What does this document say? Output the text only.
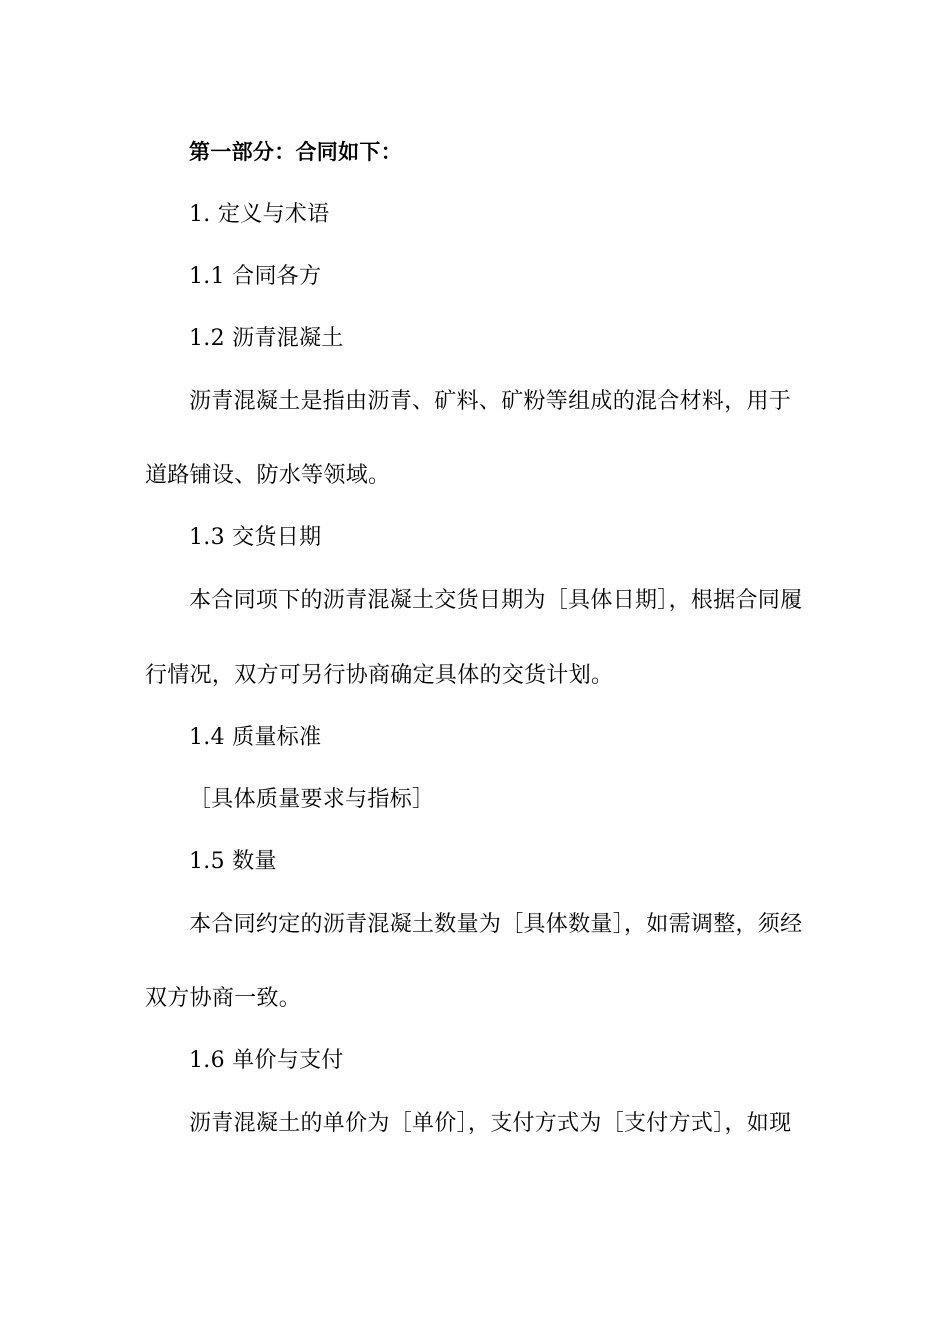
第一部分：合同如下：
1. 定义与术语
1.1 合同各方
1.2 沥青混凝土
沥青混凝土是指由沥青、矿料、矿粉等组成的混合材料，用于
道路铺设、防水等领域。
1.3 交货日期
本合同项下的沥青混凝土交货日期为［具体日期］，根据合同履
行情况，双方可另行协商确定具体的交货计划。
1.4 质量标准
［具体质量要求与指标］
1.5 数量
本合同约定的沥青混凝土数量为［具体数量］，如需调整，须经
双方协商一致。
1.6 单价与支付
沥青混凝土的单价为［单价］，支付方式为［支付方式］，如现
